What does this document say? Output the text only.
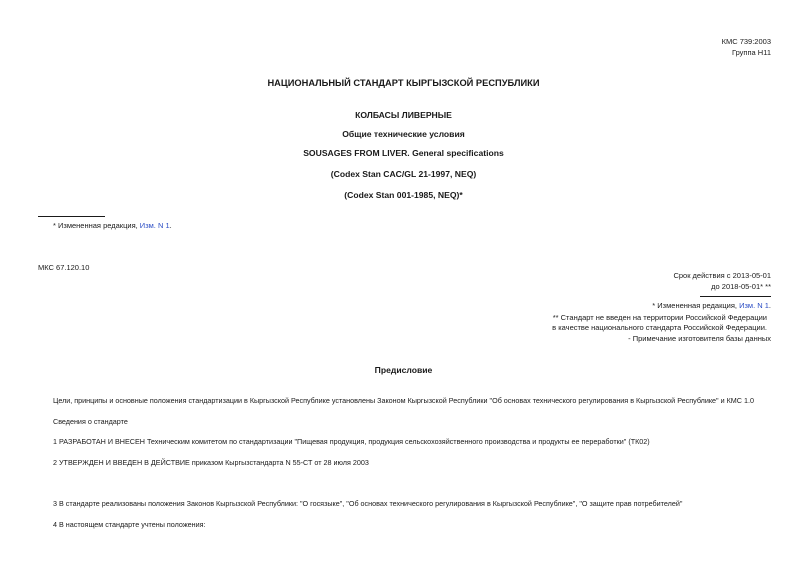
КМС 739:2003
Группа Н11
НАЦИОНАЛЬНЫЙ СТАНДАРТ КЫРГЫЗСКОЙ РЕСПУБЛИКИ
КОЛБАСЫ ЛИВЕРНЫЕ
Общие технические условия
SOUSAGES FROM LIVER. General specifications
(Codex Stan CAC/GL 21-1997, NEQ)
(Codex Stan 001-1985, NEQ)*
* Измененная редакция, Изм. N 1.
МКС 67.120.10
Срок действия с 2013-05-01
до 2018-05-01* **
* Измененная редакция, Изм. N 1.
** Стандарт не введен на территории Российской Федерации
в качестве национального стандарта Российской Федерации.
- Примечание изготовителя базы данных
Предисловие
Цели, принципы и основные положения стандартизации в Кыргызской Республике установлены Законом Кыргызской Республики "Об основах технического регулирования в Кыргызской Республике" и КМС 1.0
Сведения о стандарте
1 РАЗРАБОТАН И ВНЕСЕН Техническим комитетом по стандартизации "Пищевая продукция, продукция сельскохозяйственного производства и продукты ее переработки" (ТК02)
2 УТВЕРЖДЕН И ВВЕДЕН В ДЕЙСТВИЕ приказом Кыргызстандарта N 55-СТ от 28 июля 2003
3 В стандарте реализованы положения Законов Кыргызской Республики: "О госязыке", "Об основах технического регулирования в Кыргызской Республике", "О защите прав потребителей"
4 В настоящем стандарте учтены положения:
